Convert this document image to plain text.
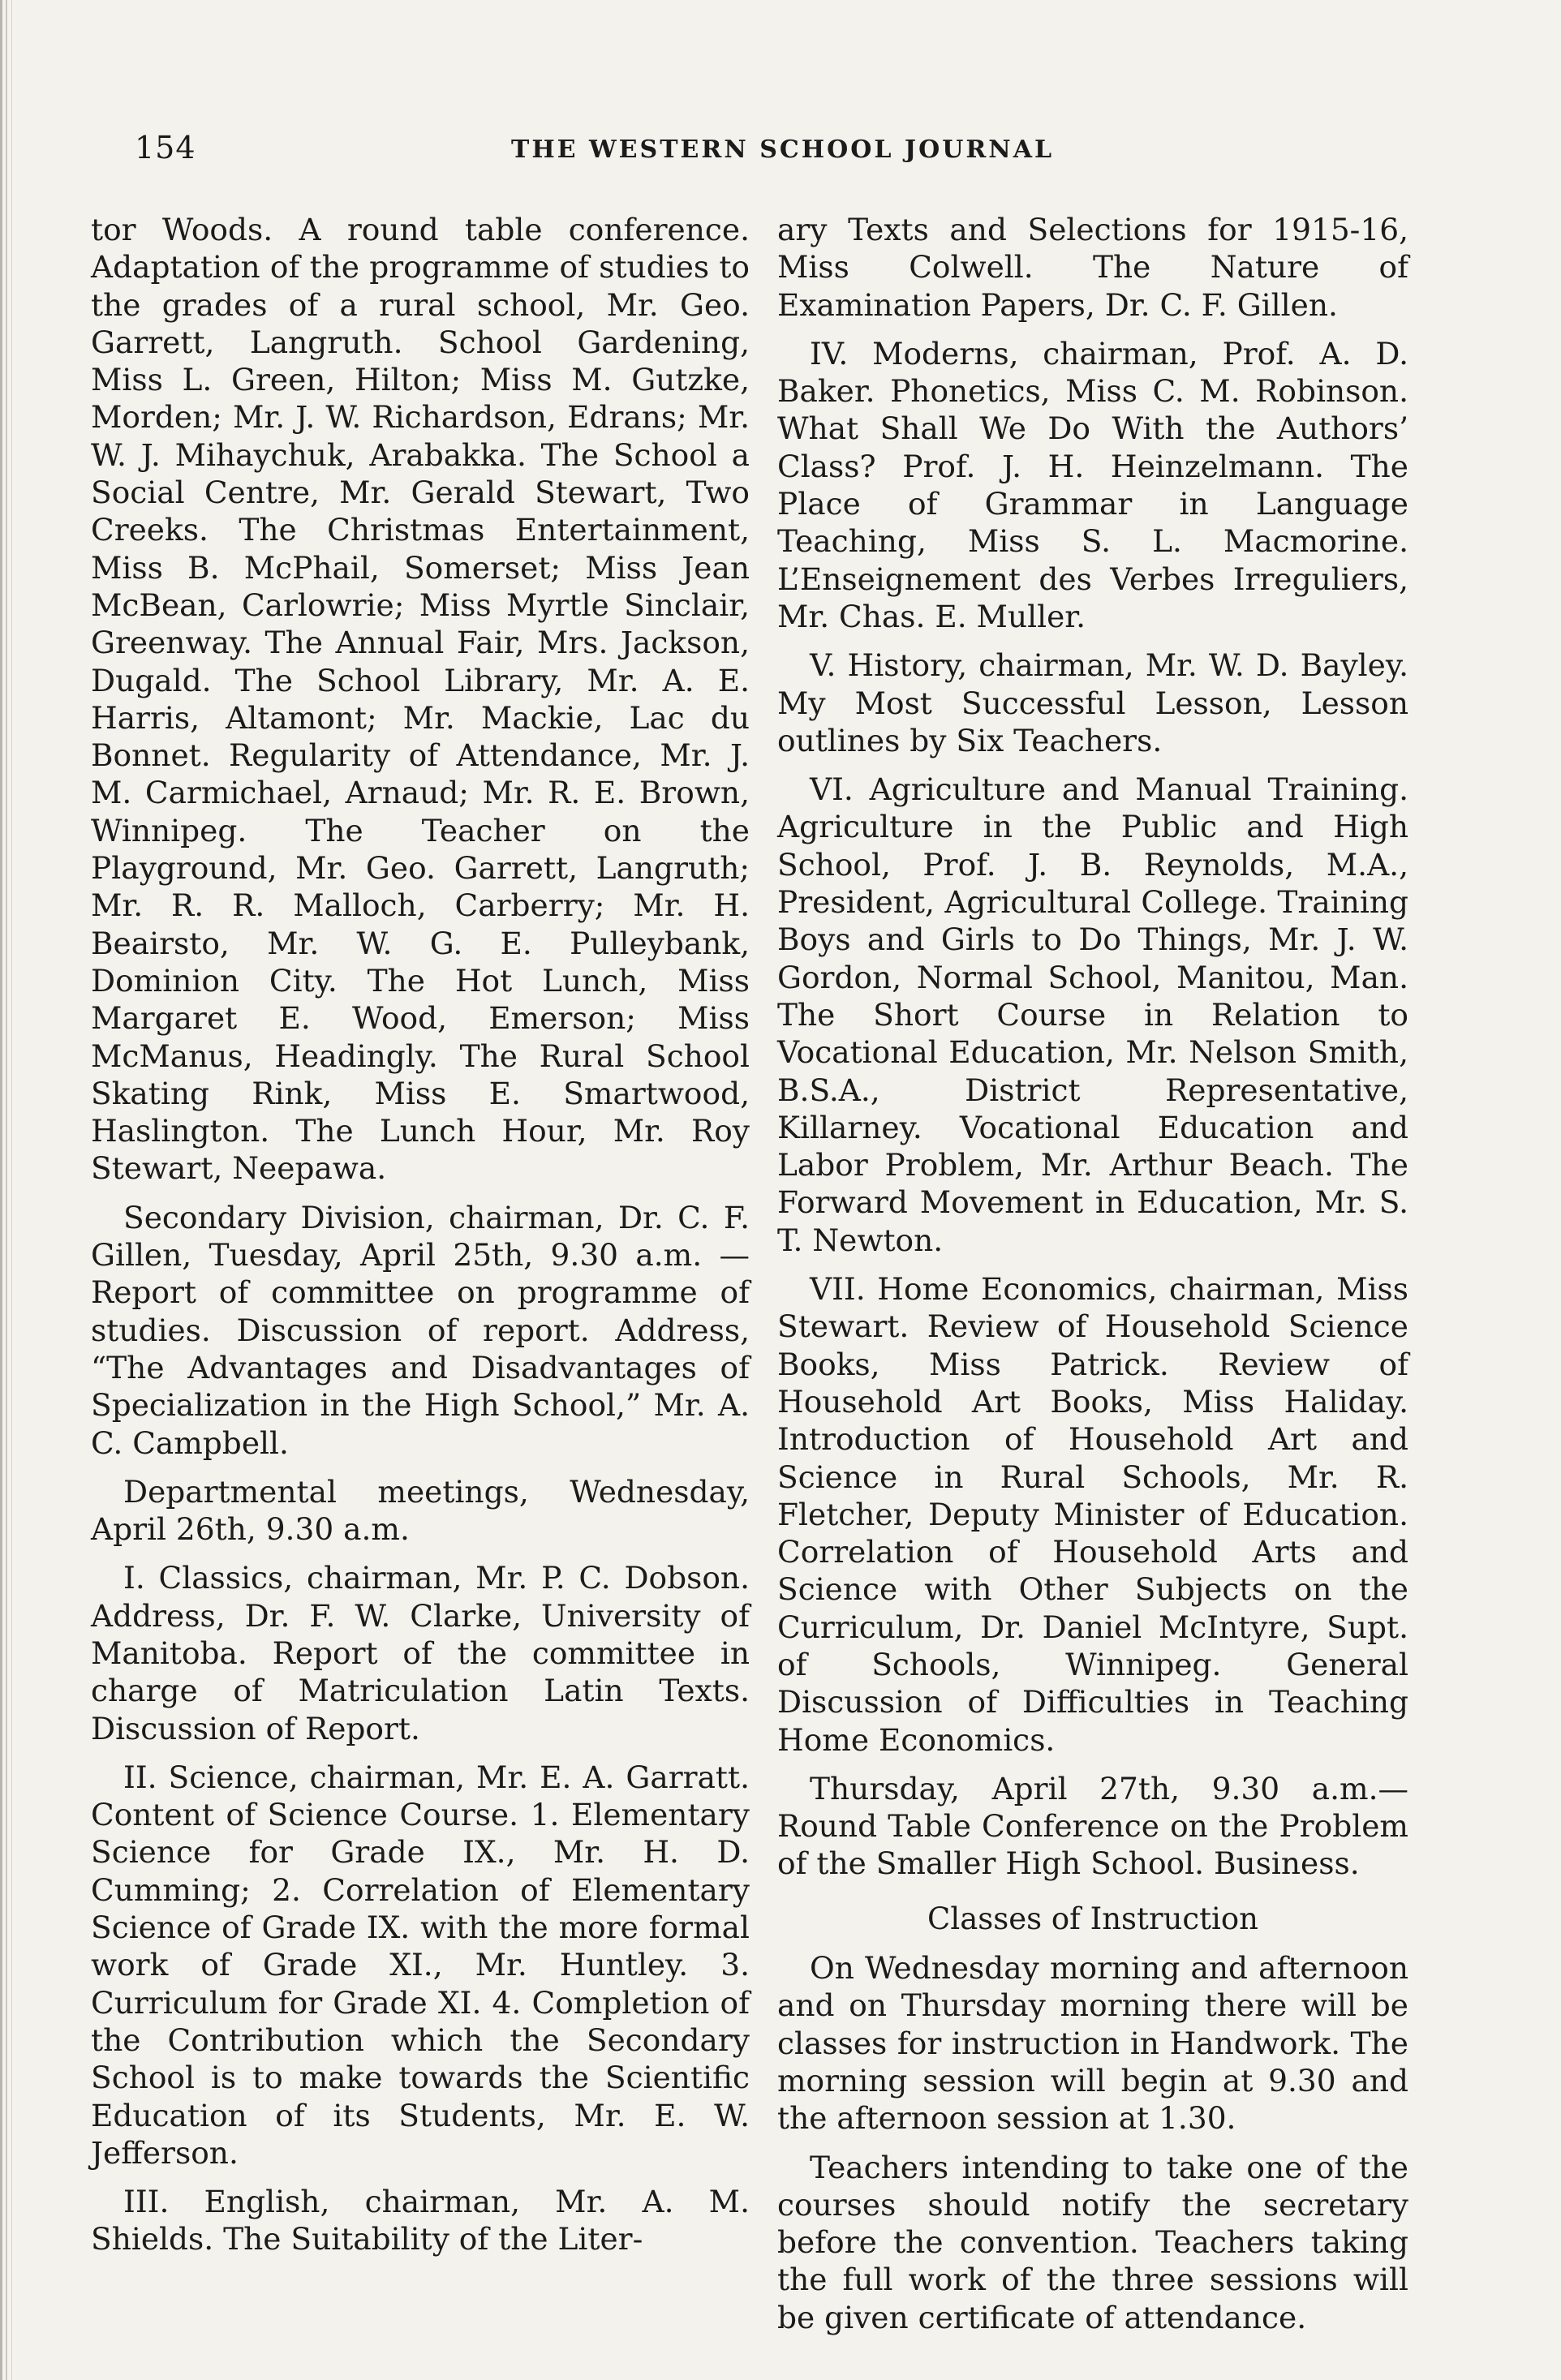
154	THE WESTERN SCHOOL JOURNAL

tor Woods. A round table conference. Adaptation of the programme of studies to the grades of a rural school, Mr. Geo. Garrett, Langruth. School Gardening, Miss L. Green, Hilton; Miss M. Gutzke, Morden; Mr. J. W. Richardson, Edrans; Mr. W. J. Mihaychuk, Arabakka. The School a Social Centre, Mr. Gerald Stewart, Two Creeks. The Christmas Entertainment, Miss B. McPhail, Somerset; Miss Jean McBean, Carlowrie; Miss Myrtle Sinclair, Greenway. The Annual Fair, Mrs. Jackson, Dugald. The School Library, Mr. A. E. Harris, Altamont; Mr. Mackie, Lac du Bonnet. Regularity of Attendance, Mr. J. M. Carmichael, Arnaud; Mr. R. E. Brown, Winnipeg. The Teacher on the Playground, Mr. Geo. Garrett, Langruth; Mr. R. R. Malloch, Carberry; Mr. H. Beairsto, Mr. W. G. E. Pulleybank, Dominion City. The Hot Lunch, Miss Margaret E. Wood, Emerson; Miss McManus, Headingly. The Rural School Skating Rink, Miss E. Smartwood, Haslington. The Lunch Hour, Mr. Roy Stewart, Neepawa.

Secondary Division, chairman, Dr. C. F. Gillen, Tuesday, April 25th, 9.30 a.m. —Report of committee on programme of studies. Discussion of report. Address, “The Advantages and Disadvantages of Specialization in the High School,” Mr. A. C. Campbell.

Departmental meetings, Wednesday, April 26th, 9.30 a.m.

I. Classics, chairman, Mr. P. C. Dobson. Address, Dr. F. W. Clarke, University of Manitoba. Report of the committee in charge of Matriculation Latin Texts. Discussion of Report.

II. Science, chairman, Mr. E. A. Garratt. Content of Science Course. 1. Elementary Science for Grade IX., Mr. H. D. Cumming; 2. Correlation of Elementary Science of Grade IX. with the more formal work of Grade XI., Mr. Huntley. 3. Curriculum for Grade XI. 4. Completion of the Contribution which the Secondary School is to make towards the Scientific Education of its Students, Mr. E. W. Jefferson.

III. English, chairman, Mr. A. M. Shields. The Suitability of the Liter-

ary Texts and Selections for 1915-16, Miss Colwell. The Nature of Examination Papers, Dr. C. F. Gillen.

IV. Moderns, chairman, Prof. A. D. Baker. Phonetics, Miss C. M. Robinson. What Shall We Do With the Authors’ Class? Prof. J. H. Heinzelmann. The Place of Grammar in Language Teaching, Miss S. L. Macmorine. L’Enseignement des Verbes Irreguliers, Mr. Chas. E. Muller.

V. History, chairman, Mr. W. D. Bayley. My Most Successful Lesson, Lesson outlines by Six Teachers.

VI. Agriculture and Manual Training. Agriculture in the Public and High School, Prof. J. B. Reynolds, M.A., President, Agricultural College. Training Boys and Girls to Do Things, Mr. J. W. Gordon, Normal School, Manitou, Man. The Short Course in Relation to Vocational Education, Mr. Nelson Smith, B.S.A., District Representative, Killarney. Vocational Education and Labor Problem, Mr. Arthur Beach. The Forward Movement in Education, Mr. S. T. Newton.

VII. Home Economics, chairman, Miss Stewart. Review of Household Science Books, Miss Patrick. Review of Household Art Books, Miss Haliday. Introduction of Household Art and Science in Rural Schools, Mr. R. Fletcher, Deputy Minister of Education. Correlation of Household Arts and Science with Other Subjects on the Curriculum, Dr. Daniel McIntyre, Supt. of Schools, Winnipeg. General Discussion of Difficulties in Teaching Home Economics.

Thursday, April 27th, 9.30 a.m.—Round Table Conference on the Problem of the Smaller High School. Business.

Classes of Instruction

On Wednesday morning and afternoon and on Thursday morning there will be classes for instruction in Handwork. The morning session will begin at 9.30 and the afternoon session at 1.30.

Teachers intending to take one of the courses should notify the secretary before the convention. Teachers taking the full work of the three sessions will be given certificate of attendance.
